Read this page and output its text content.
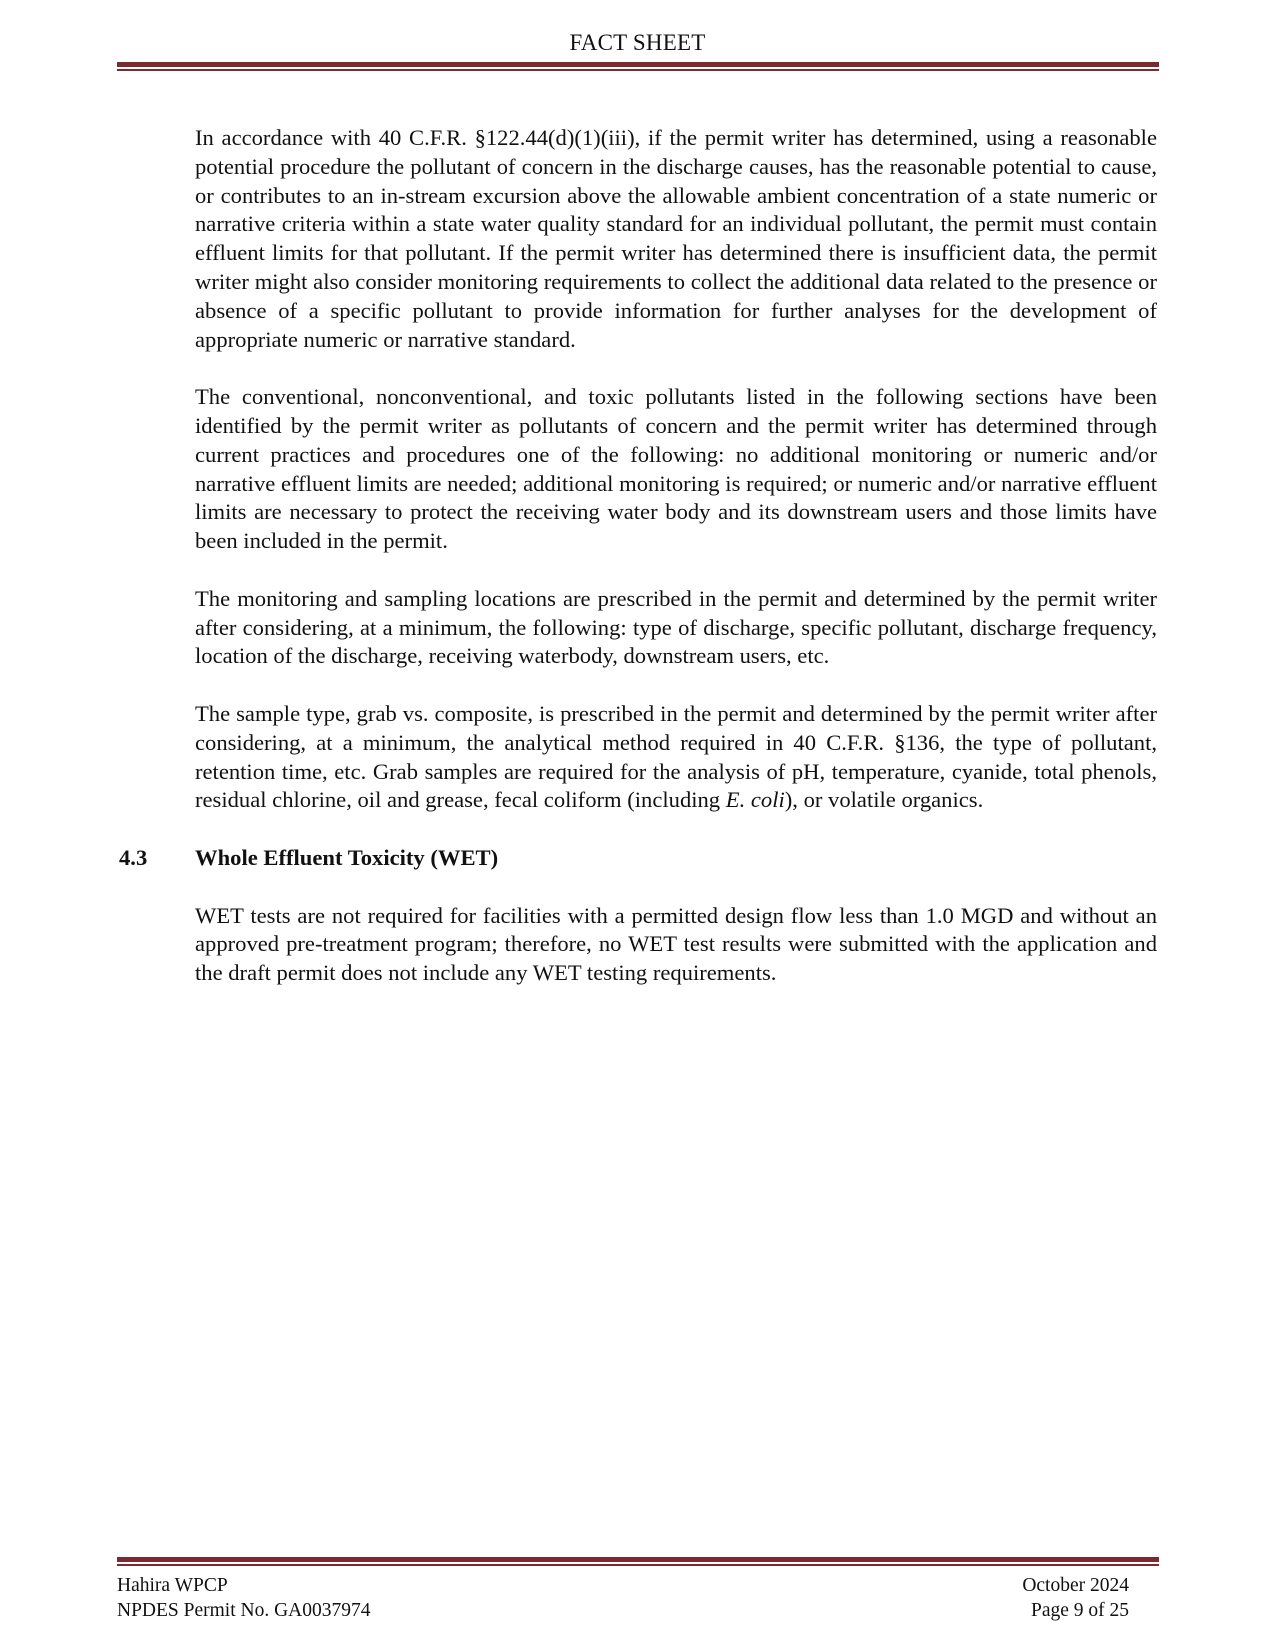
FACT SHEET

In accordance with 40 C.F.R. §122.44(d)(1)(iii), if the permit writer has determined, using a reasonable potential procedure the pollutant of concern in the discharge causes, has the reasonable potential to cause, or contributes to an in-stream excursion above the allowable ambient concentration of a state numeric or narrative criteria within a state water quality standard for an individual pollutant, the permit must contain effluent limits for that pollutant. If the permit writer has determined there is insufficient data, the permit writer might also consider monitoring requirements to collect the additional data related to the presence or absence of a specific pollutant to provide information for further analyses for the development of appropriate numeric or narrative standard.

The conventional, nonconventional, and toxic pollutants listed in the following sections have been identified by the permit writer as pollutants of concern and the permit writer has determined through current practices and procedures one of the following: no additional monitoring or numeric and/or narrative effluent limits are needed; additional monitoring is required; or numeric and/or narrative effluent limits are necessary to protect the receiving water body and its downstream users and those limits have been included in the permit.

The monitoring and sampling locations are prescribed in the permit and determined by the permit writer after considering, at a minimum, the following: type of discharge, specific pollutant, discharge frequency, location of the discharge, receiving waterbody, downstream users, etc.

The sample type, grab vs. composite, is prescribed in the permit and determined by the permit writer after considering, at a minimum, the analytical method required in 40 C.F.R. §136, the type of pollutant, retention time, etc. Grab samples are required for the analysis of pH, temperature, cyanide, total phenols, residual chlorine, oil and grease, fecal coliform (including E. coli), or volatile organics.

4.3	Whole Effluent Toxicity (WET)

WET tests are not required for facilities with a permitted design flow less than 1.0 MGD and without an approved pre-treatment program; therefore, no WET test results were submitted with the application and the draft permit does not include any WET testing requirements.

Hahira WPCP	October 2024
NPDES Permit No. GA0037974	Page 9 of 25
